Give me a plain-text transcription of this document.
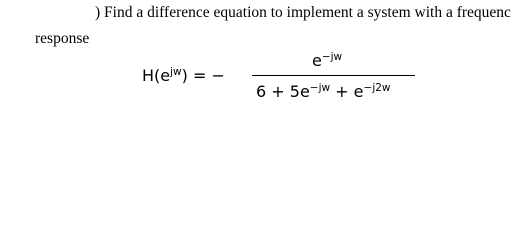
) Find a difference equation to implement a system with a frequenc
response
$H(e^{jw})$ = −
$e^{-jw}$
$6 + 5e^{-jw} + e^{-j2w}$
